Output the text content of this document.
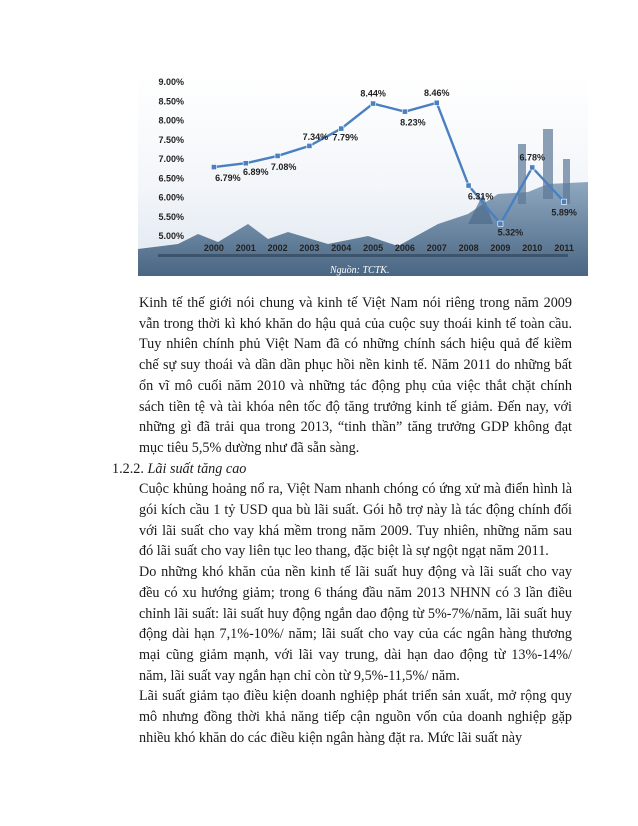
5.00%
5.50%
6.00%
6.50%
7.00%
7.50%
8.00%
8.50%
9.00%
2000 2001 2002 2003 2004 2005 2006 2007 2008 2009 2010 2011
6.79%
6.89%
7.08%
7.34% 7.79%
8.44%
8.23%
8.46%
6.31%
5.32%
6.78%
5.89%
Nguồn: TCTK.

Kinh tế thế giới nói chung và kinh tế Việt Nam nói riêng trong năm 2009 vẫn trong thời kì khó khăn do hậu quả của cuộc suy thoái kinh tế toàn cầu. Tuy nhiên chính phủ Việt Nam đã có những chính sách hiệu quả để kiềm chế sự suy thoái và dần dần phục hồi nền kinh tế. Năm 2011 do những bất ổn vĩ mô cuối năm 2010 và những tác động phụ của việc thắt chặt chính sách tiền tệ và tài khóa nên tốc độ tăng trưởng kinh tế giảm. Đến nay, với những gì đã trải qua trong 2013, “tinh thần” tăng trưởng GDP không đạt mục tiêu 5,5% dường như đã sẵn sàng.

1.2.2. Lãi suất tăng cao

Cuộc khủng hoảng nổ ra, Việt Nam nhanh chóng có ứng xử mà điển hình là gói kích cầu 1 tỷ USD qua bù lãi suất. Gói hỗ trợ này là tác động chính đối với lãi suất cho vay khá mềm trong năm 2009. Tuy nhiên, những năm sau đó lãi suất cho vay liên tục leo thang, đặc biệt là sự ngột ngạt năm 2011.

Do những khó khăn của nền kinh tế lãi suất huy động và lãi suất cho vay đều có xu hướng giảm; trong 6 tháng đầu năm 2013 NHNN có 3 lần điều chỉnh lãi suất: lãi suất huy động ngắn dao động từ 5%-7%/năm, lãi suất huy động dài hạn 7,1%-10%/ năm; lãi suất cho vay của các ngân hàng thương mại cũng giảm mạnh, với lãi vay trung, dài hạn dao động từ 13%-14%/ năm, lãi suất vay ngắn hạn chỉ còn từ 9,5%-11,5%/ năm.

Lãi suất giảm tạo điều kiện doanh nghiệp phát triển sản xuất, mở rộng quy mô nhưng đồng thời khả năng tiếp cận nguồn vốn của doanh nghiệp gặp nhiều khó khăn do các điều kiện ngân hàng đặt ra. Mức lãi suất này
